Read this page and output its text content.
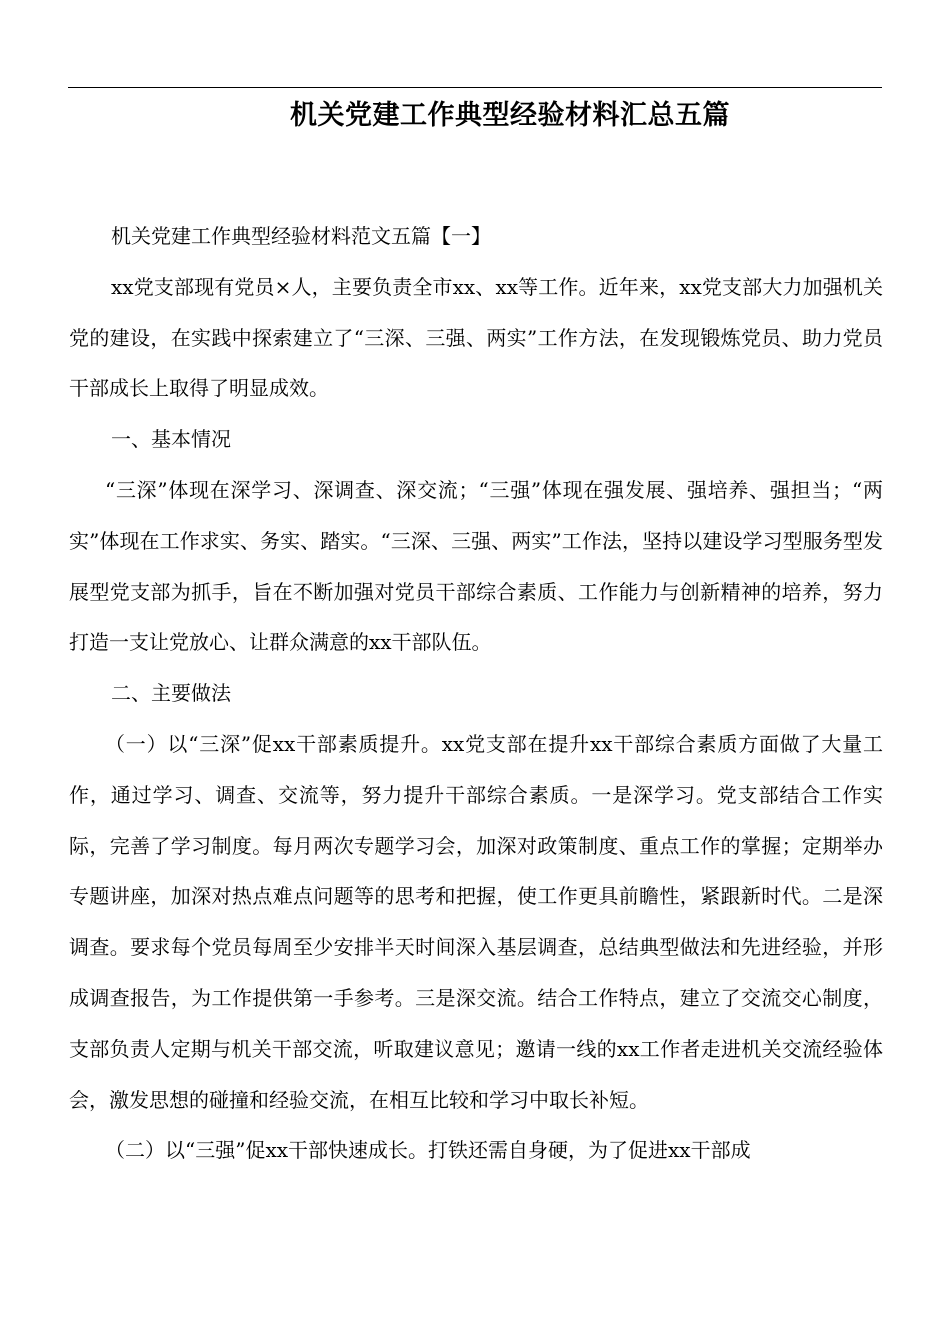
机关党建工作典型经验材料汇总五篇

机关党建工作典型经验材料范文五篇【一】

xx党支部现有党员×人，主要负责全市xx、xx等工作。近年来，xx党支部大力加强机关党的建设，在实践中探索建立了“三深、三强、两实”工作方法，在发现锻炼党员、助力党员干部成长上取得了明显成效。

一、基本情况

“三深”体现在深学习、深调查、深交流；“三强”体现在强发展、强培养、强担当；“两实”体现在工作求实、务实、踏实。“三深、三强、两实”工作法，坚持以建设学习型服务型发展型党支部为抓手，旨在不断加强对党员干部综合素质、工作能力与创新精神的培养，努力打造一支让党放心、让群众满意的xx干部队伍。

二、主要做法

（一）以“三深”促xx干部素质提升。xx党支部在提升xx干部综合素质方面做了大量工作，通过学习、调查、交流等，努力提升干部综合素质。一是深学习。党支部结合工作实际，完善了学习制度。每月两次专题学习会，加深对政策制度、重点工作的掌握；定期举办专题讲座，加深对热点难点问题等的思考和把握，使工作更具前瞻性，紧跟新时代。二是深调查。要求每个党员每周至少安排半天时间深入基层调查，总结典型做法和先进经验，并形成调查报告，为工作提供第一手参考。三是深交流。结合工作特点，建立了交流交心制度，支部负责人定期与机关干部交流，听取建议意见；邀请一线的xx工作者走进机关交流经验体会，激发思想的碰撞和经验交流，在相互比较和学习中取长补短。

（二）以“三强”促xx干部快速成长。打铁还需自身硬，为了促进xx干部成
